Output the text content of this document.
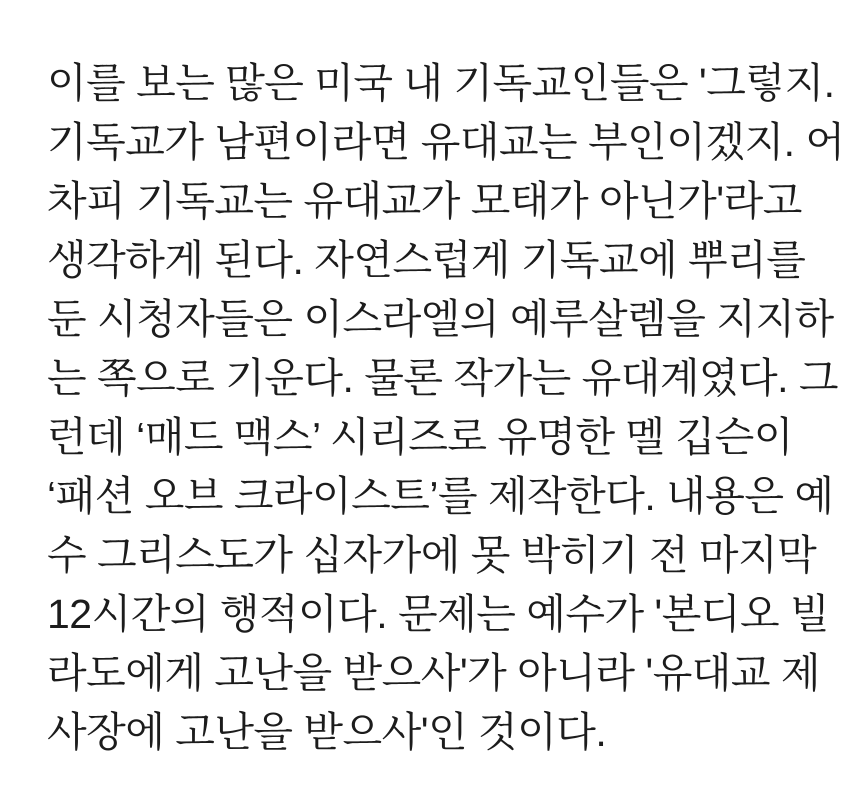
이를 보는 많은 미국 내 기독교인들은 '그렇지.
기독교가 남편이라면 유대교는 부인이겠지. 어
차피 기독교는 유대교가 모태가 아닌가'라고
생각하게 된다. 자연스럽게 기독교에 뿌리를
둔 시청자들은 이스라엘의 예루살렘을 지지하
는 쪽으로 기운다. 물론 작가는 유대계였다. 그
런데 ‘매드 맥스’ 시리즈로 유명한 멜 깁슨이
‘패션 오브 크라이스트’를 제작한다. 내용은 예
수 그리스도가 십자가에 못 박히기 전 마지막
12시간의 행적이다. 문제는 예수가 '본디오 빌
라도에게 고난을 받으사'가 아니라 '유대교 제
사장에 고난을 받으사'인 것이다.
